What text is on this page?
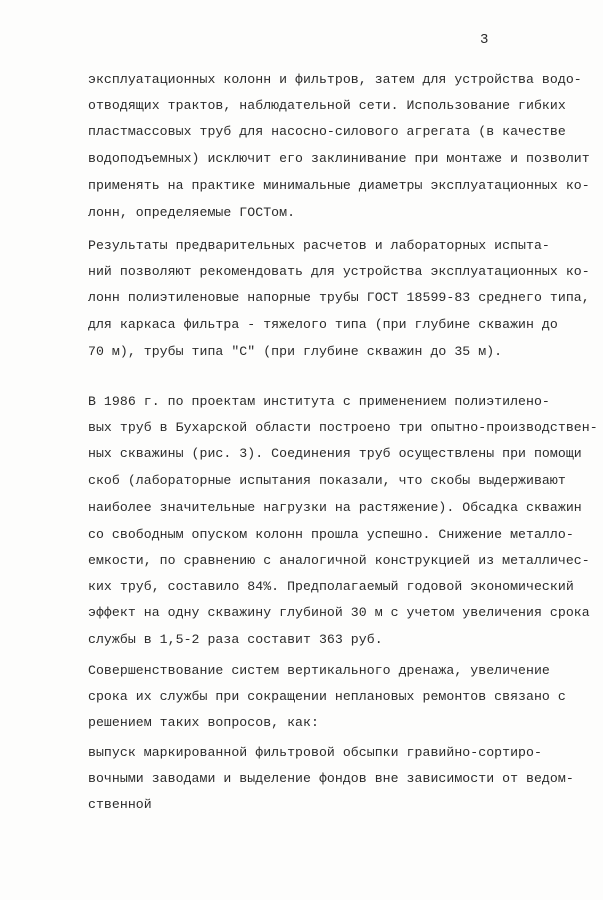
3
эксплуатационных колонн и фильтров, затем для устройства водо-
отводящих трактов, наблюдательной сети. Использование гибких
пластмассовых труб для насосно-силового агрегата (в качестве
водоподъемных) исключит его заклинивание при монтаже и позволит
применять на практике минимальные диаметры эксплуатационных ко-
лонн, определяемые ГОСТом.
Результаты предварительных расчетов и лабораторных испыта-
ний позволяют рекомендовать для устройства эксплуатационных ко-
лонн полиэтиленовые напорные трубы ГОСТ 18599-83 среднего типа,
для каркаса фильтра - тяжелого типа (при глубине скважин до
70 м), трубы типа "С" (при глубине скважин до 35 м).
В 1986 г. по проектам института с применением полиэтилено-
вых труб в Бухарской области построено три опытно-производствен-
ных скважины (рис. 3). Соединения труб осуществлены при помощи
скоб (лабораторные испытания показали, что скобы выдерживают
наиболее значительные нагрузки на растяжение). Обсадка скважин
со свободным опуском колонн прошла успешно. Снижение металло-
емкости, по сравнению с аналогичной конструкцией из металличес-
ких труб, составило 84%. Предполагаемый годовой экономический
эффект на одну скважину глубиной 30 м с учетом увеличения срока
службы в 1,5-2 раза составит 363 руб.
Совершенствование систем вертикального дренажа, увеличение
срока их службы при сокращении неплановых ремонтов связано с
решением таких вопросов, как:
выпуск маркированной фильтровой обсыпки гравийно-сортиро-
вочными заводами и выделение фондов вне зависимости от ведом-
ственной
